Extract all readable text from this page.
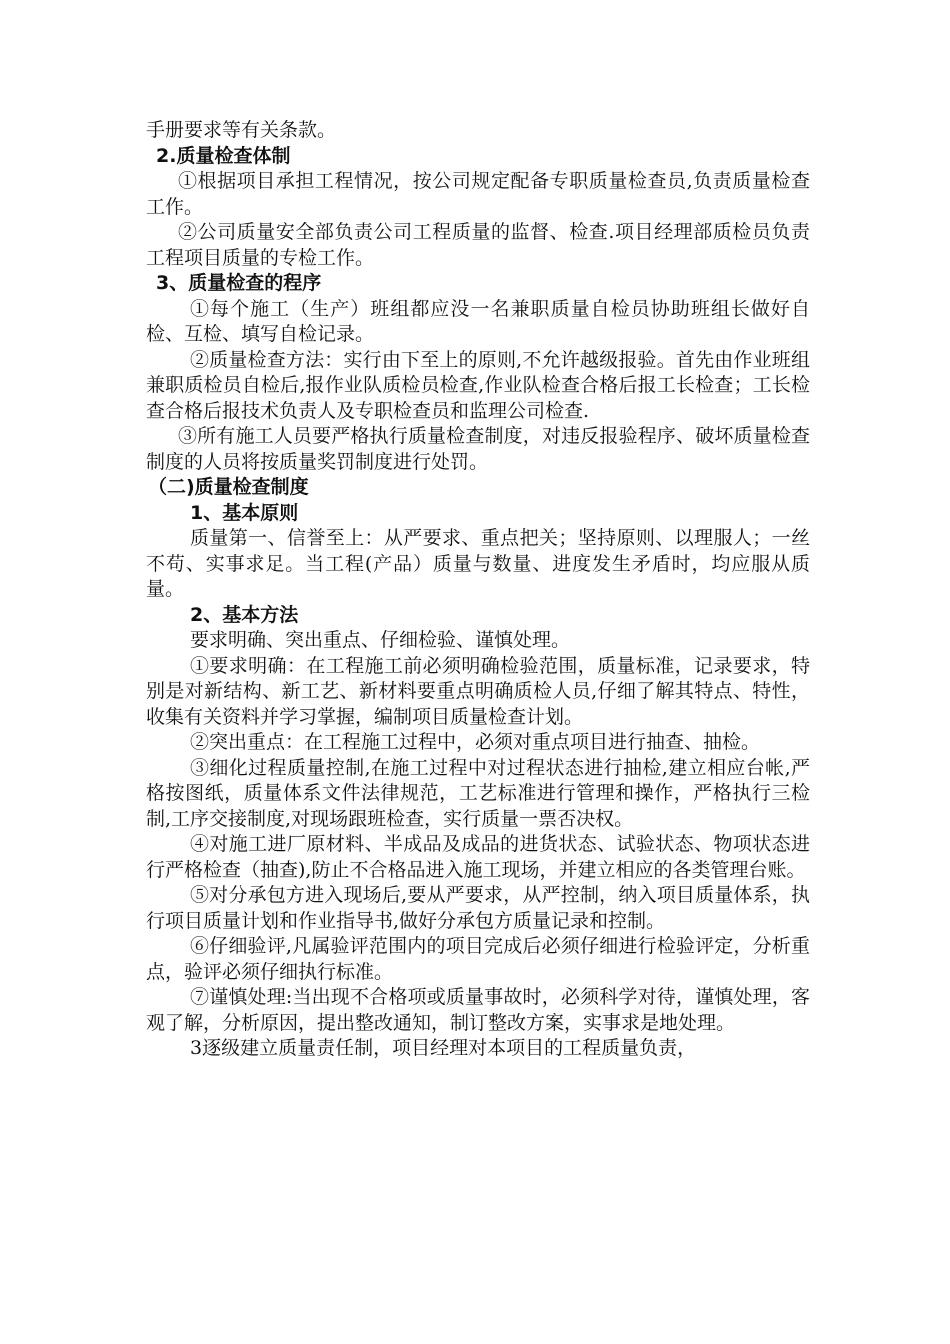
手册要求等有关条款。

2.质量检查体制

①根据项目承担工程情况，按公司规定配备专职质量检查员,负责质量检查工作。

②公司质量安全部负责公司工程质量的监督、检查.项目经理部质检员负责工程项目质量的专检工作。

3、质量检查的程序

①每个施工（生产）班组都应没一名兼职质量自检员协助班组长做好自检、互检、填写自检记录。

②质量检查方法：实行由下至上的原则,不允许越级报验。首先由作业班组兼职质检员自检后,报作业队质检员检查,作业队检查合格后报工长检查；工长检查合格后报技术负责人及专职检查员和监理公司检查.

③所有施工人员要严格执行质量检查制度，对违反报验程序、破坏质量检查制度的人员将按质量奖罚制度进行处罚。

（二)质量检查制度

1、基本原则

质量第一、信誉至上：从严要求、重点把关；坚持原则、以理服人；一丝不苟、实事求足。当工程(产品）质量与数量、进度发生矛盾时，均应服从质量。

2、基本方法

要求明确、突出重点、仔细检验、谨慎处理。

①要求明确：在工程施工前必须明确检验范围，质量标准，记录要求，特别是对新结构、新工艺、新材料要重点明确质检人员,仔细了解其特点、特性，收集有关资料并学习掌握，编制项目质量检查计划。

②突出重点：在工程施工过程中，必须对重点项目进行抽查、抽检。

③细化过程质量控制,在施工过程中对过程状态进行抽检,建立相应台帐,严格按图纸，质量体系文件法律规范，工艺标准进行管理和操作，严格执行三检制,工序交接制度,对现场跟班检查，实行质量一票否决权。

④对施工进厂原材料、半成品及成品的进货状态、试验状态、物项状态进行严格检查（抽查),防止不合格品进入施工现场，并建立相应的各类管理台账。

⑤对分承包方进入现场后,要从严要求，从严控制，纳入项目质量体系，执行项目质量计划和作业指导书,做好分承包方质量记录和控制。

⑥仔细验评,凡属验评范围内的项目完成后必须仔细进行检验评定，分析重点，验评必须仔细执行标准。

⑦谨慎处理:当出现不合格项或质量事故时，必须科学对待，谨慎处理，客观了解，分析原因，提出整改通知，制订整改方案，实事求是地处理。

3逐级建立质量责任制，项目经理对本项目的工程质量负责，
